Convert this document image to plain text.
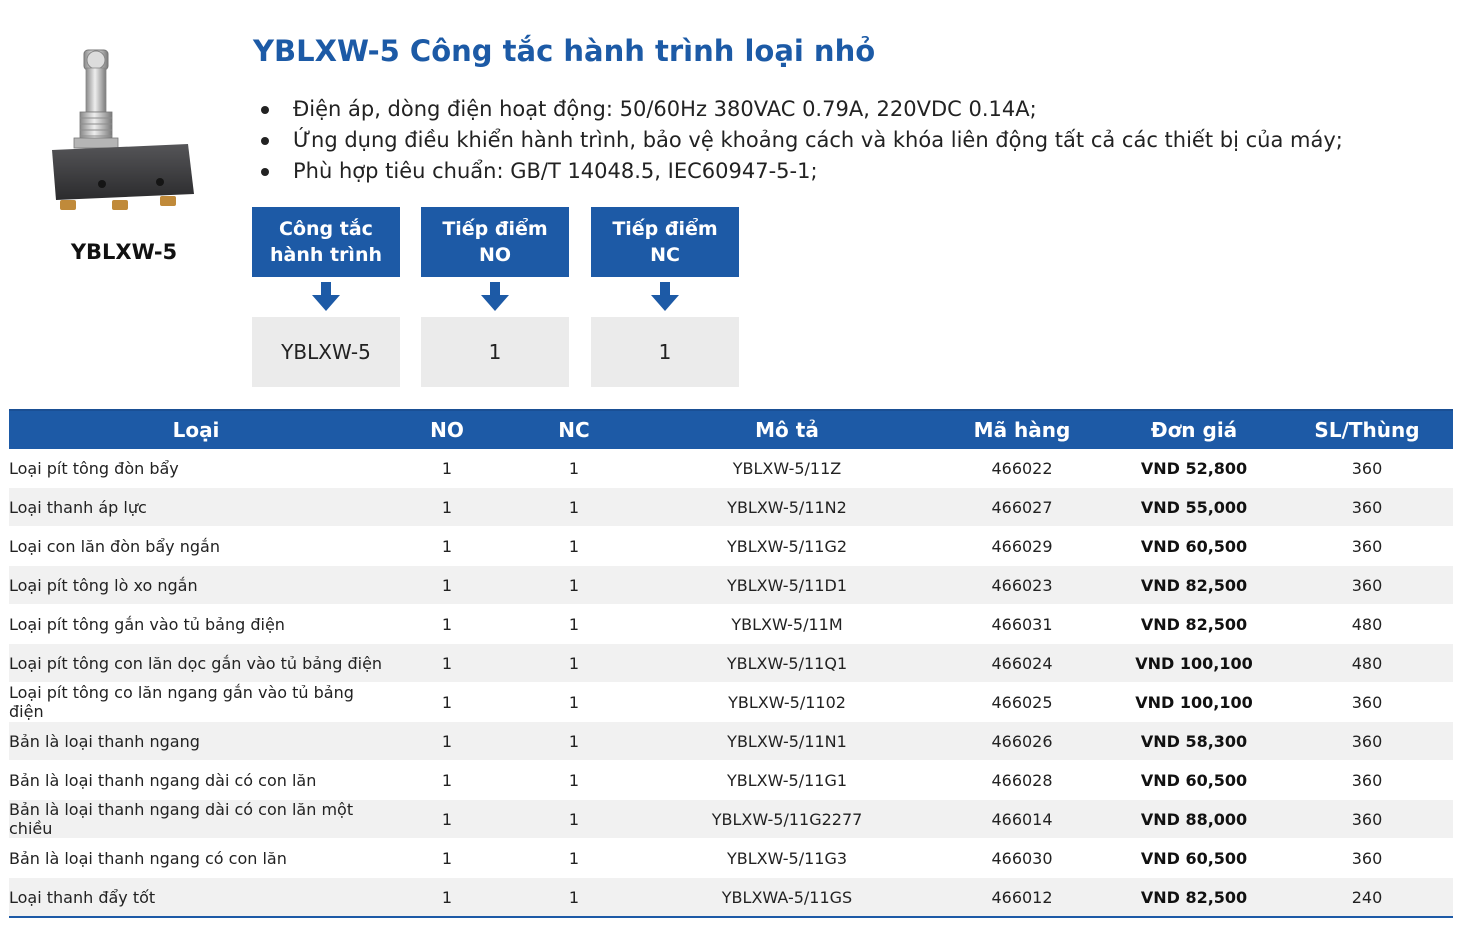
YBLXW-5
YBLXW-5 Công tắc hành trình loại nhỏ
Điện áp, dòng điện hoạt động: 50/60Hz 380VAC 0.79A, 220VDC 0.14A;
Ứng dụng điều khiển hành trình, bảo vệ khoảng cách và khóa liên động tất cả các thiết bị của máy;
Phù hợp tiêu chuẩn: GB/T 14048.5, IEC60947-5-1;
Công tắc
hành trình
YBLXW-5
Tiếp điểm
NO
1
Tiếp điểm NC
1
Loại	NO	NC	Mô tả	Mã hàng	Đơn giá	SL/Thùng
Loại pít tông đòn bẩy	1	1	YBLXW-5/11Z	466022	VND 52,800	360
Loại thanh áp lực	1	1	YBLXW-5/11N2	466027	VND 55,000	360
Loại con lăn đòn bẩy ngắn	1	1	YBLXW-5/11G2	466029	VND 60,500	360
Loại pít tông lò xo ngắn	1	1	YBLXW-5/11D1	466023	VND 82,500	360
Loại pít tông gắn vào tủ bảng điện	1	1	YBLXW-5/11M	466031	VND 82,500	480
Loại pít tông con lăn dọc gắn vào tủ bảng điện	1	1	YBLXW-5/11Q1	466024	VND 100,100	480
Loại pít tông co lăn ngang gắn vào tủ bảng điện	1	1	YBLXW-5/1102	466025	VND 100,100	360
Bản là loại thanh ngang	1	1	YBLXW-5/11N1	466026	VND 58,300	360
Bản là loại thanh ngang dài có con lăn	1	1	YBLXW-5/11G1	466028	VND 60,500	360
Bản là loại thanh ngang dài có con lăn một chiều	1	1	YBLXW-5/11G2277	466014	VND 88,000	360
Bản là loại thanh ngang có con lăn	1	1	YBLXW-5/11G3	466030	VND 60,500	360
Loại thanh đẩy tốt	1	1	YBLXWA-5/11GS	466012	VND 82,500	240
